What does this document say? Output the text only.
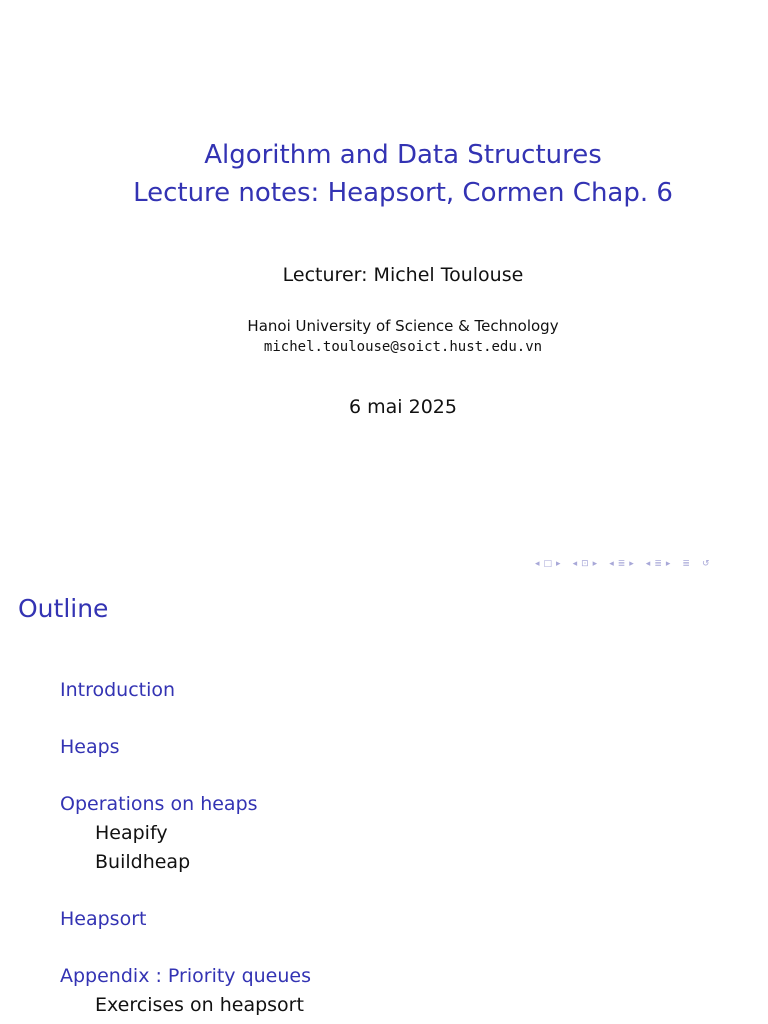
Algorithm and Data Structures
Lecture notes: Heapsort, Cormen Chap. 6
Lecturer: Michel Toulouse
Hanoi University of Science & Technology
michel.toulouse@soict.hust.edu.vn
6 mai 2025
◂ □ ▸ ◂ ⊡ ▸ ◂ ≣ ▸ ◂ ≣ ▸ ≣ ↺
Outline
Introduction
Heaps
Operations on heaps
Heapify
Buildheap
Heapsort
Appendix : Priority queues
Exercises on heapsort
